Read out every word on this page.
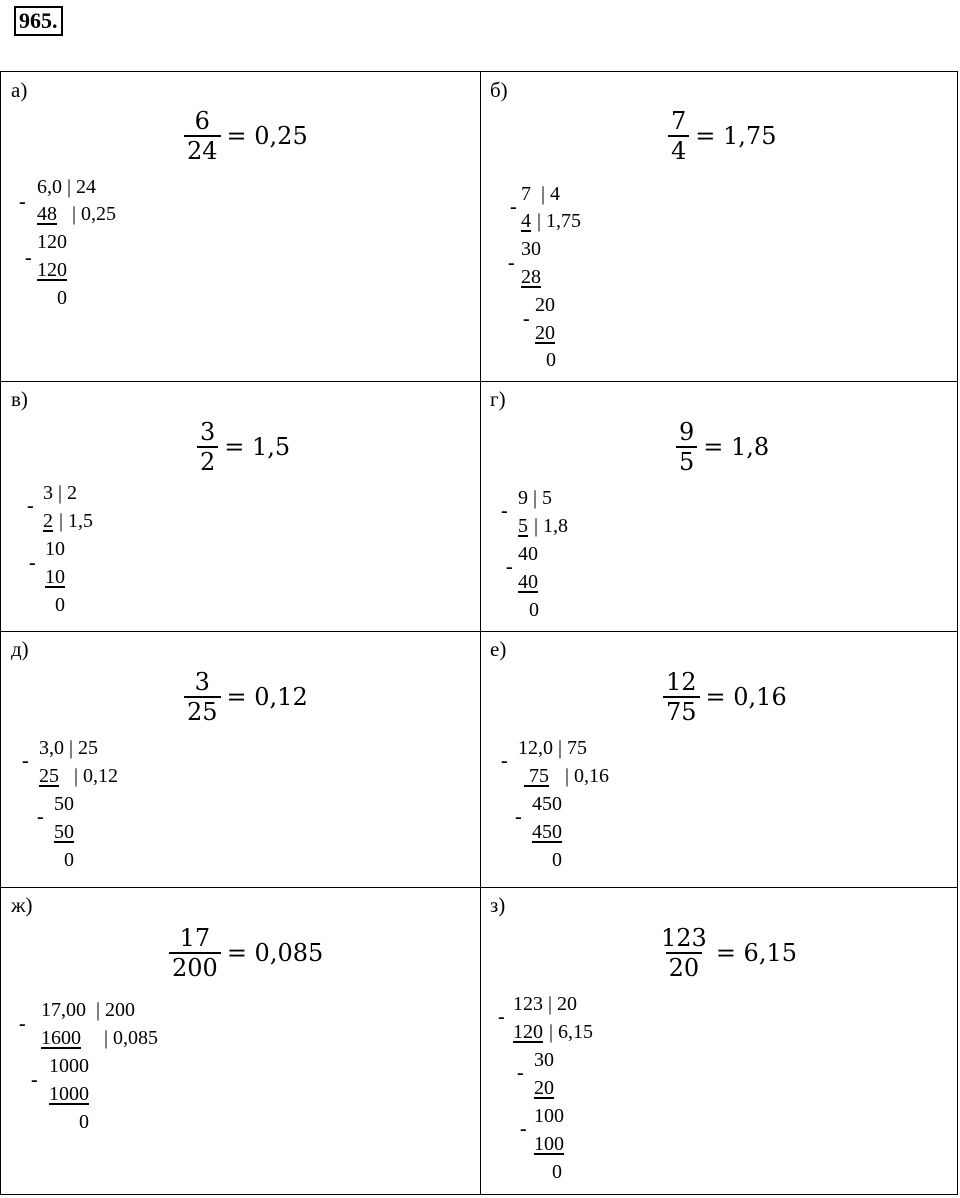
965.
а)
$\frac{6}{24} = 0,25$
6,0 | 24
48 | 0,25
120
120
0
-
-
б)
$\frac{7}{4} = 1,75$
7  | 4
4 | 1,75
30
28
20
20
0
-
-
-
в)
$\frac{3}{2} = 1,5$
3 | 2
2 | 1,5
10
10
0
-
-
г)
$\frac{9}{5} = 1,8$
9 | 5
5 | 1,8
40
40
0
-
-
д)
$\frac{3}{25} = 0,12$
3,0 | 25
25 | 0,12
50
50
0
-
-
е)
$\frac{12}{75} = 0,16$
12,0 | 75
75 | 0,16
450
450
0
-
-
ж)
$\frac{17}{200} = 0,085$
17,00  | 200
1600 | 0,085
1000
1000
0
-
-
з)
$\frac{123}{20} = 6,15$
123 | 20
120 | 6,15
30
20
100
100
0
-
-
-
